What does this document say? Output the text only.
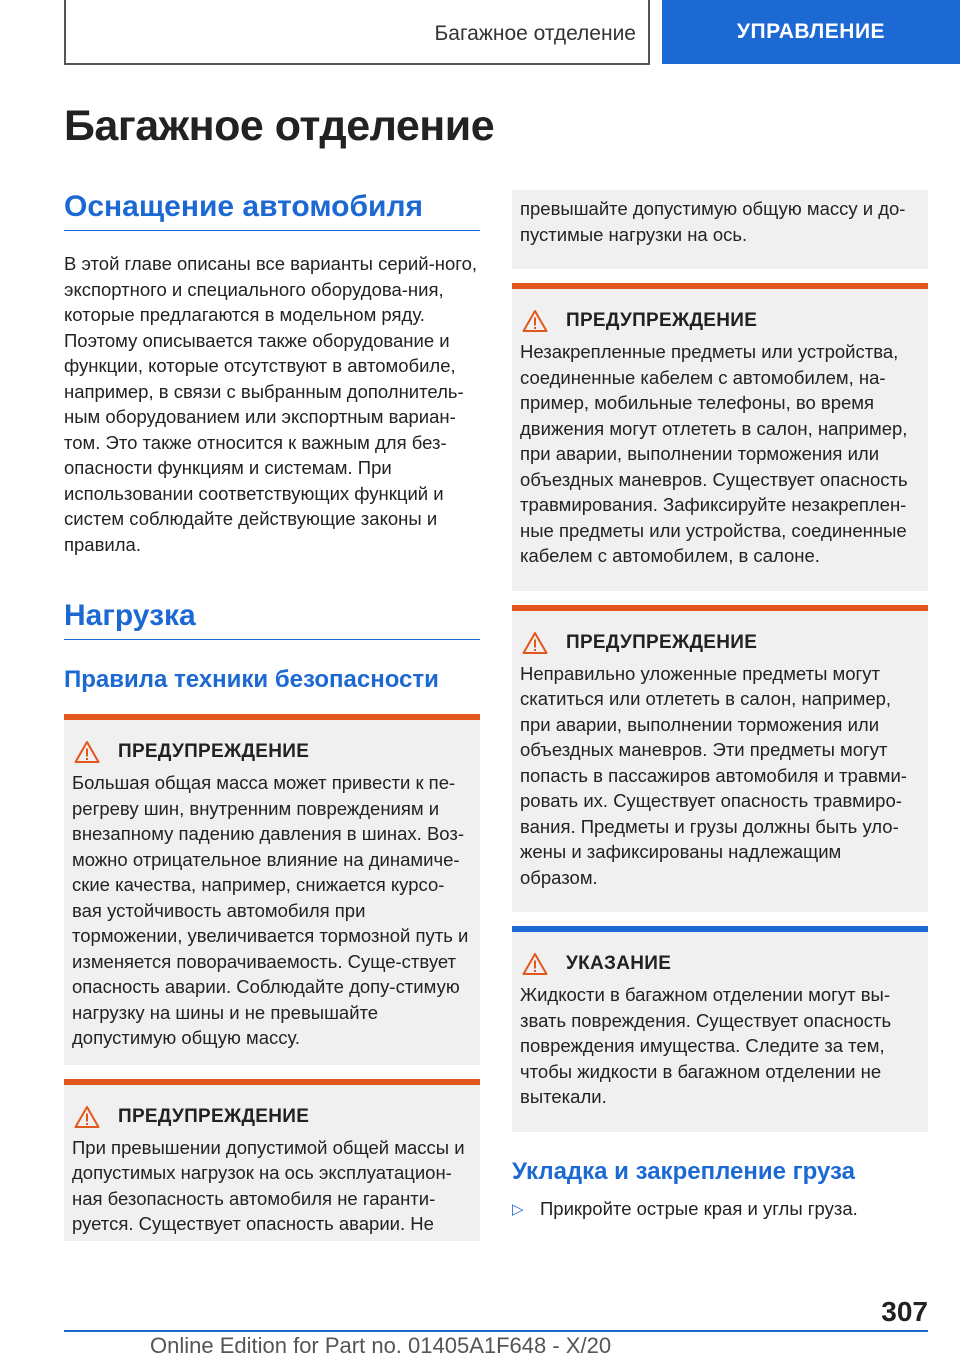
Багажное отделение	УПРАВЛЕНИЕ
Багажное отделение
Оснащение автомобиля

В этой главе описаны все варианты серий-ного, экспортного и специального оборудова-ния, которые предлагаются в модельном ряду. Поэтому описывается также оборудование и функции, которые отсутствуют в автомобиле, например, в связи с выбранным дополнитель-ным оборудованием или экспортным вариан-том. Это также относится к важным для без-опасности функциям и системам. При использовании соответствующих функций и систем соблюдайте действующие законы и правила.

Нагрузка
Правила техники безопасности
ПРЕДУПРЕЖДЕНИЕ

Большая общая масса может привести к пе-регреву шин, внутренним повреждениям и внезапному падению давления в шинах. Воз-можно отрицательное влияние на динамиче-ские качества, например, снижается курсо-вая устойчивость автомобиля при торможении, увеличивается тормозной путь и изменяется поворачиваемость. Суще-ствует опасность аварии. Соблюдайте допу-стимую нагрузку на шины и не превышайте допустимую общую массу.

ПРЕДУПРЕЖДЕНИЕ

При превышении допустимой общей массы и допустимых нагрузок на ось эксплуатацион-ная безопасность автомобиля не гаранти-руется. Существует опасность аварии. Не

превышайте допустимую общую массу и до-пустимые нагрузки на ось.

ПРЕДУПРЕЖДЕНИЕ

Незакрепленные предметы или устройства, соединенные кабелем с автомобилем, на-пример, мобильные телефоны, во время движения могут отлететь в салон, например, при аварии, выполнении торможения или объездных маневров. Существует опасность травмирования. Зафиксируйте незакреплен-ные предметы или устройства, соединенные кабелем с автомобилем, в салоне.

ПРЕДУПРЕЖДЕНИЕ

Неправильно уложенные предметы могут скатиться или отлететь в салон, например, при аварии, выполнении торможения или объездных маневров. Эти предметы могут попасть в пассажиров автомобиля и травми-ровать их. Существует опасность травмиро-вания. Предметы и грузы должны быть уло-жены и зафиксированы надлежащим образом.

УКАЗАНИЕ

Жидкости в багажном отделении могут вы-звать повреждения. Существует опасность повреждения имущества. Следите за тем, чтобы жидкости в багажном отделении не вытекали.

Укладка и закрепление груза
▷ Прикройте острые края и углы груза.
307
Online Edition for Part no. 01405A1F648 - X/20
